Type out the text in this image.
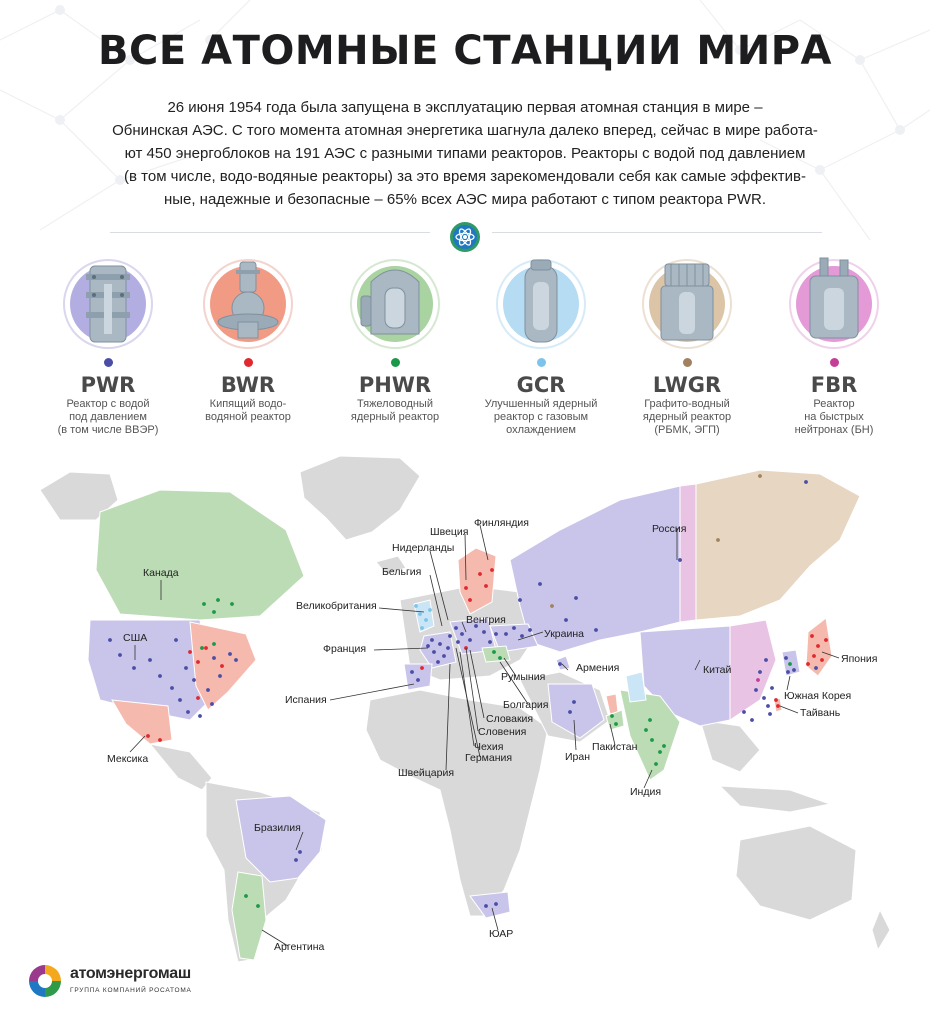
ВСЕ АТОМНЫЕ СТАНЦИИ МИРА
26 июня 1954 года была запущена в эксплуатацию первая атомная станция в мире –
Обнинская АЭС. С того момента атомная энергетика шагнула далеко вперед, сейчас в мире работа-
ют 450 энергоблоков на 191 АЭС с разными типами реакторов. Реакторы с водой под давлением
(в том числе, водо-водяные реакторы) за это время зарекомендовали себя как самые эффектив-
ные, надежные и безопасные – 65% всех АЭС мира работают с типом реактора PWR.
PWR
Реактор с водой
под давлением
(в том числе ВВЭР)
BWR
Кипящий водо-
водяной реактор
PHWR
Тяжеловодный
ядерный реактор
GCR
Улучшенный ядерный
реактор с газовым
охлаждением
LWGR
Графито-водный
ядерный реактор
(РБМК, ЭГП)
FBR
Реактор
на быстрых
нейтронах (БН)
Канада
США
Мексика
Бразилия
Аргентина
ЮАР
Великобритания
Франция
Испания
Бельгия
Нидерланды
Швеция
Финляндия
Венгрия
Румыния
Болгария
Словакия
Словения
Чехия
Германия
Швейцария
Украина
Армения
Россия
Иран
Пакистан
Индия
Китай
Япония
Южная Корея
Тайвань
атомэнергомаш
ГРУППА КОМПАНИЙ РОСАТОМА
